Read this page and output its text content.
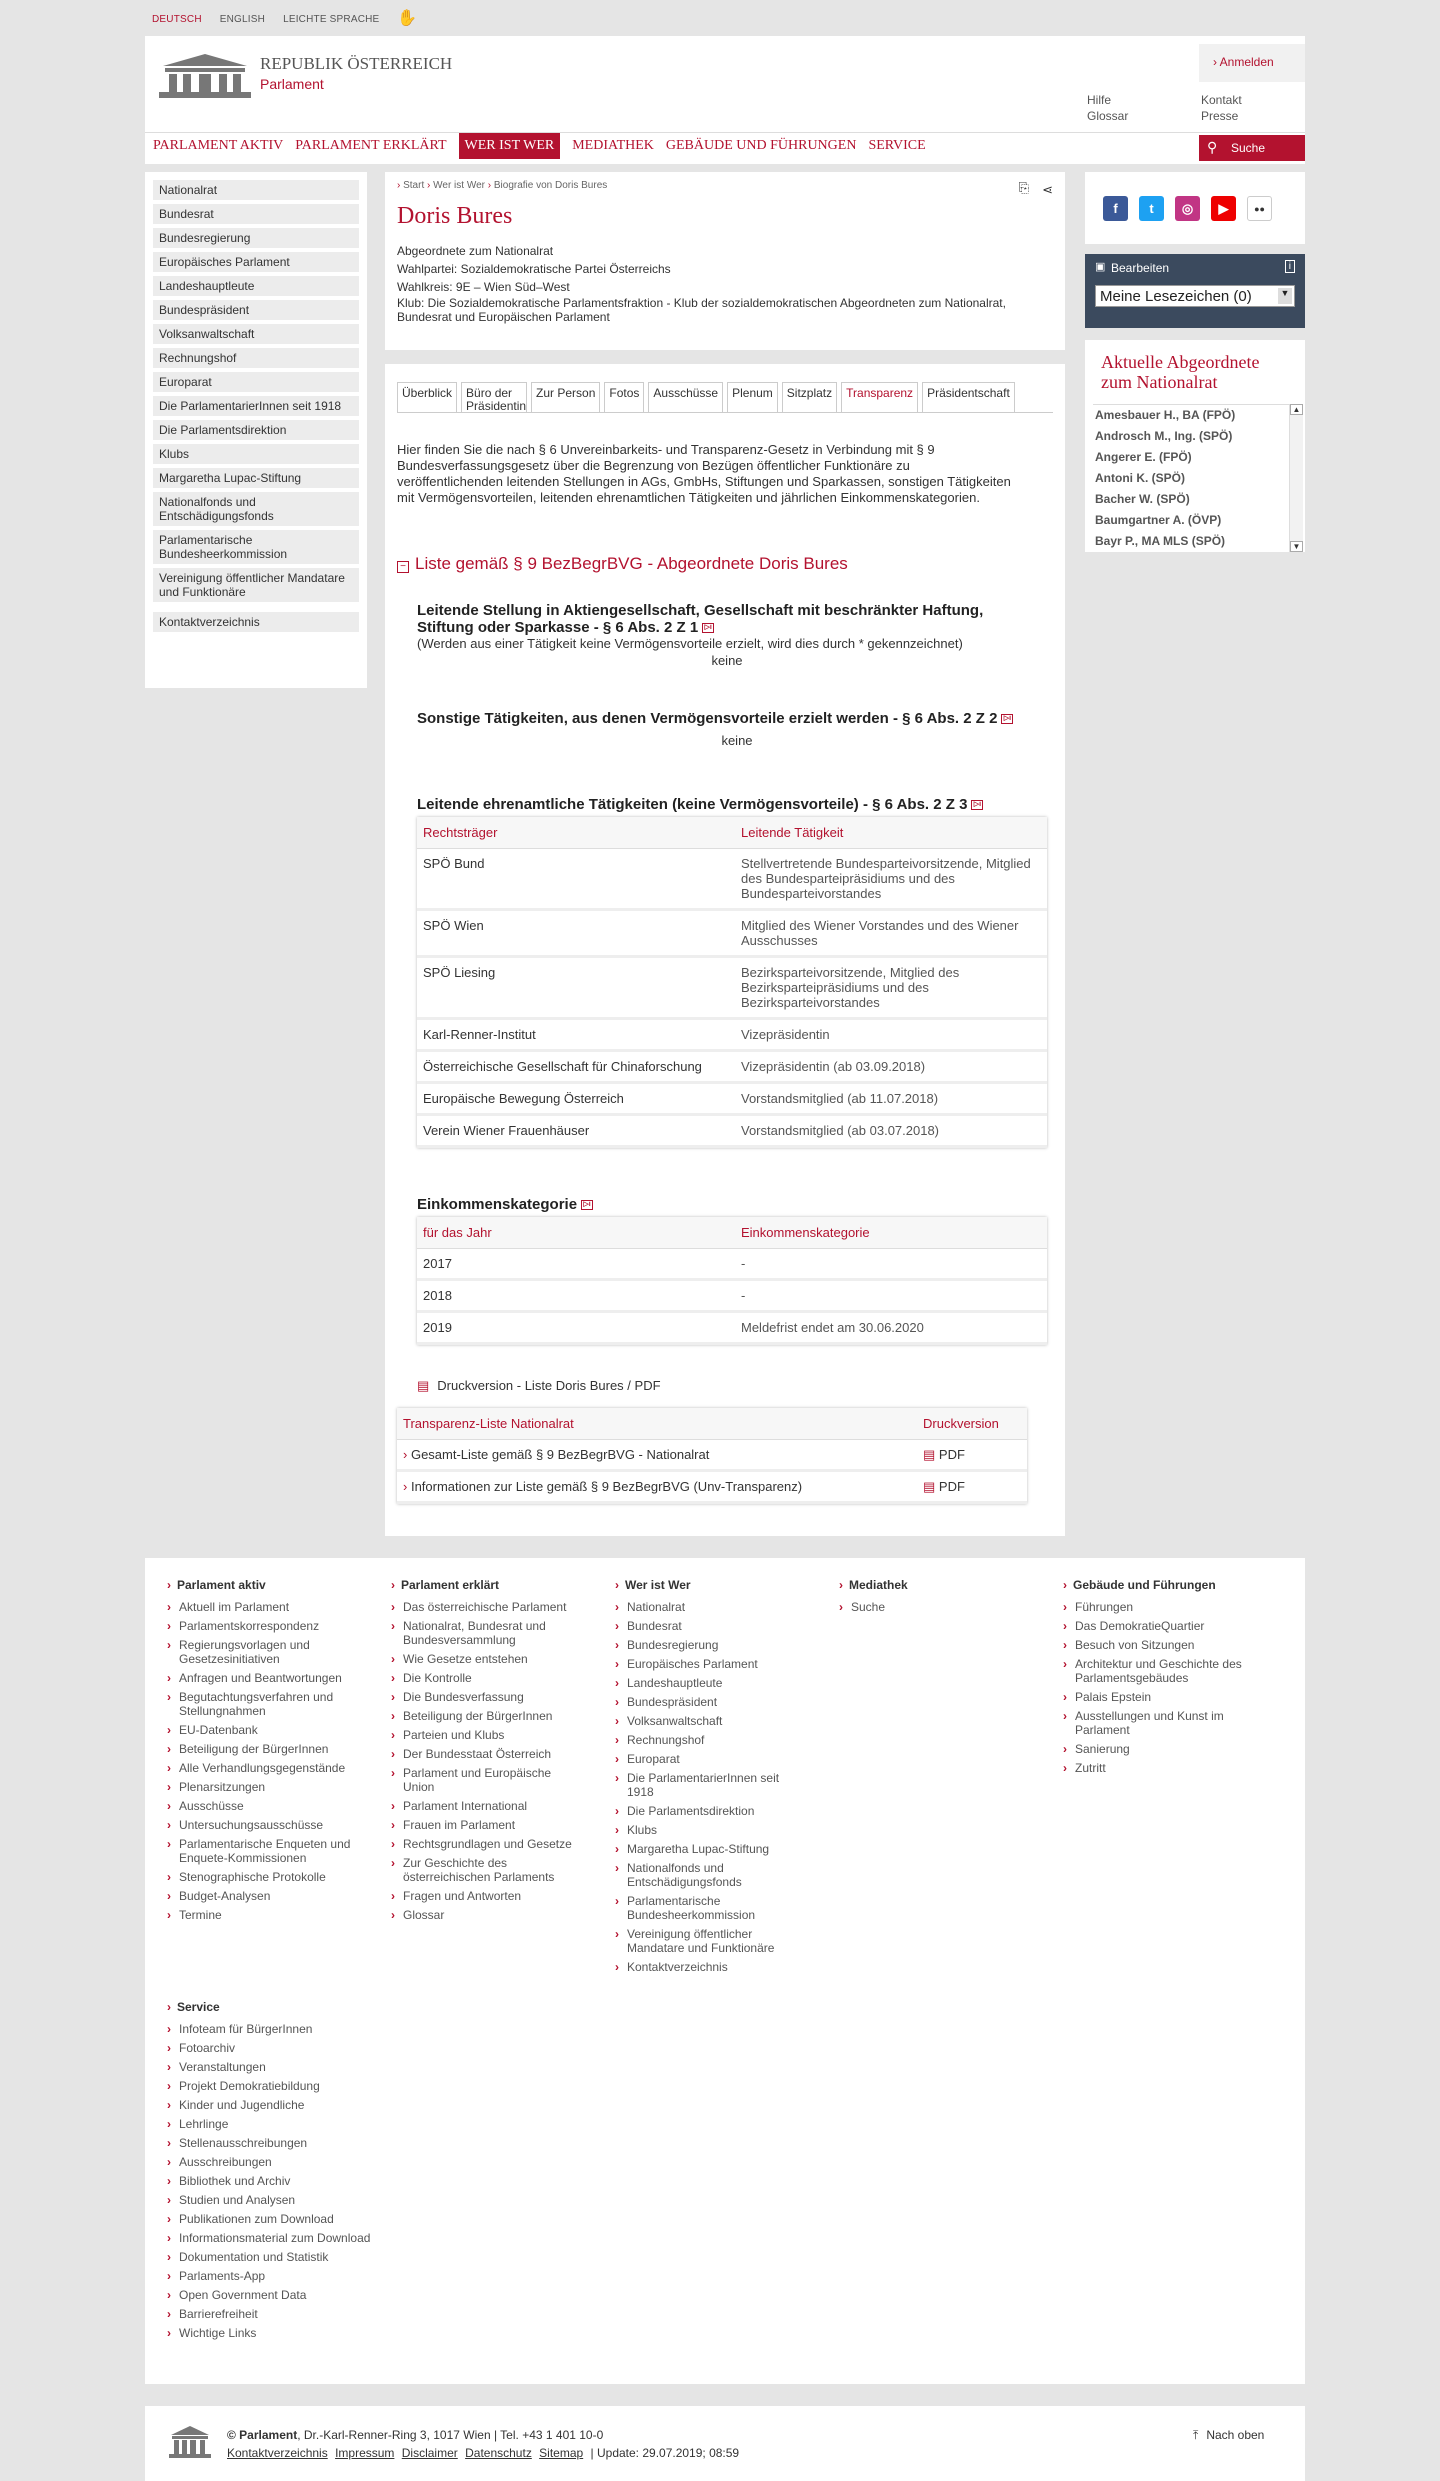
DEUTSCH ENGLISH LEICHTE SPRACHE ✋
REPUBLIK ÖSTERREICH
Parlament
› Anmelden
Hilfe
Glossar
Kontakt
Presse
PARLAMENT AKTIV PARLAMENT ERKLÄRT	WER IST WER	MEDIATHEK GEBÄUDE UND FÜHRUNGEN SERVICE	⚲ Suche
Nationalrat
Bundesrat
Bundesregierung
Europäisches Parlament
Landeshauptleute
Bundespräsident
Volksanwaltschaft
Rechnungshof
Europarat
Die ParlamentarierInnen seit 1918
Die Parlamentsdirektion
Klubs
Margaretha Lupac-Stiftung
Nationalfonds und Entschädigungsfonds
Parlamentarische Bundesheerkommission
Vereinigung öffentlicher Mandatare und Funktionäre
Kontaktverzeichnis
› Start › Wer ist Wer › Biografie von Doris Bures	⎘ ⋖
Doris Bures
Abgeordnete zum Nationalrat
Wahlpartei: Sozialdemokratische Partei Österreichs
Wahlkreis: 9E – Wien Süd–West
Klub: Die Sozialdemokratische Parlamentsfraktion - Klub der sozialdemokratischen Abgeordneten zum Nationalrat, Bundesrat und Europäischen Parlament
Überblick	Büro der Präsidentin
Zur Person	Fotos	Ausschüsse	Plenum	Sitzplatz	Transparenz	Präsidentschaft
Hier finden Sie die nach § 6 Unvereinbarkeits- und Transparenz-Gesetz in Verbindung mit § 9 Bundesverfassungsgesetz über die Begrenzung von Bezügen öffentlicher Funktionäre zu veröffentlichenden leitenden Stellungen in AGs, GmbHs, Stiftungen und Sparkassen, sonstigen Tätigkeiten mit Vermögensvorteilen, leitenden ehrenamtlichen Tätigkeiten und jährlichen Einkommenskategorien.
− Liste gemäß § 9 BezBegrBVG - Abgeordnete Doris Bures
Leitende Stellung in Aktiengesellschaft, Gesellschaft mit beschränkter Haftung, Stiftung oder Sparkasse - § 6 Abs. 2 Z 1 ▷i
(Werden aus einer Tätigkeit keine Vermögensvorteile erzielt, wird dies durch * gekennzeichnet)
keine
Sonstige Tätigkeiten, aus denen Vermögensvorteile erzielt werden - § 6 Abs. 2 Z 2 ▷i
keine
Leitende ehrenamtliche Tätigkeiten (keine Vermögensvorteile) - § 6 Abs. 2 Z 3 ▷i
Rechtsträger	Leitende Tätigkeit
SPÖ Bund	Stellvertretende Bundesparteivorsitzende, Mitglied des Bundesparteipräsidiums und des Bundesparteivorstandes
SPÖ Wien	Mitglied des Wiener Vorstandes und des Wiener Ausschusses
SPÖ Liesing	Bezirksparteivorsitzende, Mitglied des Bezirksparteipräsidiums und des Bezirksparteivorstandes
Karl-Renner-Institut	Vizepräsidentin
Österreichische Gesellschaft für Chinaforschung	Vizepräsidentin (ab 03.09.2018)
Europäische Bewegung Österreich	Vorstandsmitglied (ab 11.07.2018)
Verein Wiener Frauenhäuser	Vorstandsmitglied (ab 03.07.2018)
Einkommenskategorie ▷i
für das Jahr	Einkommenskategorie
2017	-
2018	-
2019	Meldefrist endet am 30.06.2020
▤ Druckversion - Liste Doris Bures / PDF
Transparenz-Liste Nationalrat	Druckversion
› Gesamt-Liste gemäß § 9 BezBegrBVG - Nationalrat	▤ PDF
› Informationen zur Liste gemäß § 9 BezBegrBVG (Unv-Transparenz)	▤ PDF
f	t	◎	▶	●●
▣ Bearbeiten	i
Meine Lesezeichen (0)	▼
Aktuelle Abgeordnete zum Nationalrat
Amesbauer H., BA (FPÖ)
Androsch M., Ing. (SPÖ)
Angerer E. (FPÖ)
Antoni K. (SPÖ)
Bacher W. (SPÖ)
Baumgartner A. (ÖVP)
Bayr P., MA MLS (SPÖ)
▲
▼
› Parlament aktiv
› Aktuell im Parlament
› Parlamentskorrespondenz
› Regierungsvorlagen und Gesetzesinitiativen
› Anfragen und Beantwortungen
› Begutachtungsverfahren und Stellungnahmen
› EU-Datenbank
› Beteiligung der BürgerInnen
› Alle Verhandlungsgegenstände
› Plenarsitzungen
› Ausschüsse
› Untersuchungsausschüsse
› Parlamentarische Enqueten und Enquete-Kommissionen
› Stenographische Protokolle
› Budget-Analysen
› Termine
› Parlament erklärt
› Das österreichische Parlament
› Nationalrat, Bundesrat und Bundesversammlung
› Wie Gesetze entstehen
› Die Kontrolle
› Die Bundesverfassung
› Beteiligung der BürgerInnen
› Parteien und Klubs
› Der Bundesstaat Österreich
› Parlament und Europäische Union
› Parlament International
› Frauen im Parlament
› Rechtsgrundlagen und Gesetze
› Zur Geschichte des österreichischen Parlaments
› Fragen und Antworten
› Glossar
› Wer ist Wer
› Nationalrat
› Bundesrat
› Bundesregierung
› Europäisches Parlament
› Landeshauptleute
› Bundespräsident
› Volksanwaltschaft
› Rechnungshof
› Europarat
› Die ParlamentarierInnen seit 1918
› Die Parlamentsdirektion
› Klubs
› Margaretha Lupac-Stiftung
› Nationalfonds und Entschädigungsfonds
› Parlamentarische Bundesheerkommission
› Vereinigung öffentlicher Mandatare und Funktionäre
› Kontaktverzeichnis
› Mediathek
› Suche
› Gebäude und Führungen
› Führungen
› Das DemokratieQuartier
› Besuch von Sitzungen
› Architektur und Geschichte des Parlamentsgebäudes
› Palais Epstein
› Ausstellungen und Kunst im Parlament
› Sanierung
› Zutritt
› Service
› Infoteam für BürgerInnen
› Fotoarchiv
› Veranstaltungen
› Projekt Demokratiebildung
› Kinder und Jugendliche
› Lehrlinge
› Stellenausschreibungen
› Ausschreibungen
› Bibliothek und Archiv
› Studien und Analysen
› Publikationen zum Download
› Informationsmaterial zum Download
› Dokumentation und Statistik
› Parlaments-App
› Open Government Data
› Barrierefreiheit
› Wichtige Links
© Parlament, Dr.-Karl-Renner-Ring 3, 1017 Wien | Tel. +43 1 401 10-0
Kontaktverzeichnis Impressum Disclaimer Datenschutz Sitemap | Update: 29.07.2019; 08:59
⤒ Nach oben
